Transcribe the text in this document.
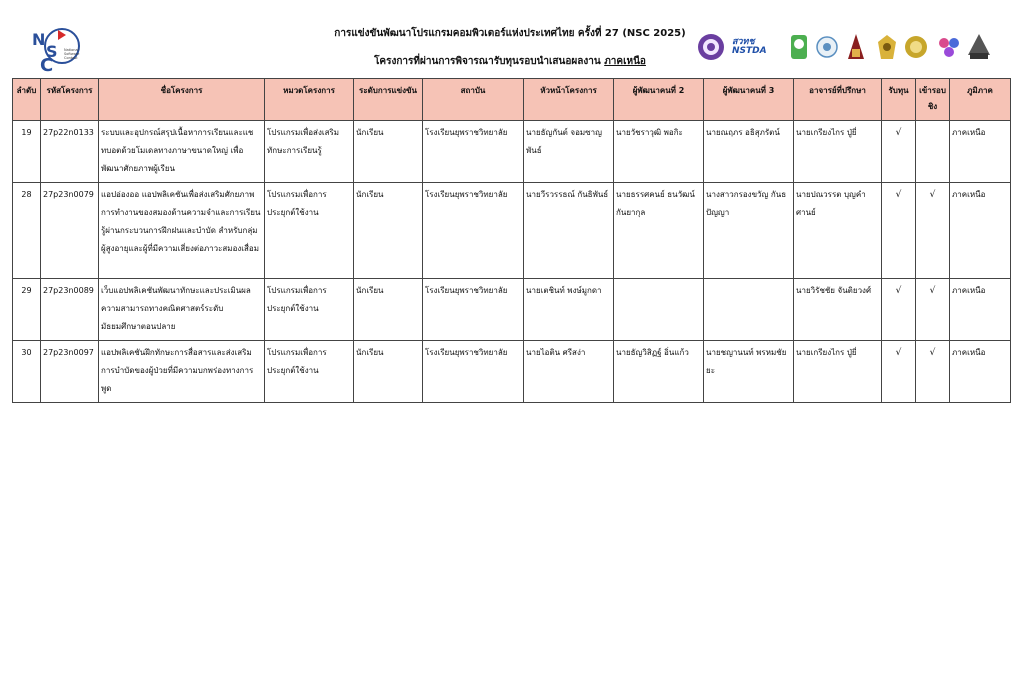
N
S
C
National Software Contest
การแข่งขันพัฒนาโปรแกรมคอมพิวเตอร์แห่งประเทศไทย ครั้งที่ 27 (NSC 2025)
โครงการที่ผ่านการพิจารณารับทุนรอบนำเสนอผลงาน ภาคเหนือ
สวทช NSTDA
ลำดับ	รหัสโครงการ	ชื่อโครงการ	หมวดโครงการ	ระดับการแข่งขัน	สถาบัน	หัวหน้าโครงการ	ผู้พัฒนาคนที่ 2	ผู้พัฒนาคนที่ 3	อาจารย์ที่ปรึกษา	รับทุน	เข้ารอบชิง	ภูมิภาค
19	27p22n0133	ระบบและอุปกรณ์สรุปเนื้อหาการเรียนและแชทบอตด้วยโมเดลทางภาษาขนาดใหญ่ เพื่อพัฒนาศักยภาพผู้เรียน	โปรแกรมเพื่อส่งเสริมทักษะการเรียนรู้	นักเรียน	โรงเรียนยุพราชวิทยาลัย	นายธัญกันต์ จอมซาญพันธ์	นายวัชราวุฒิ พอกิะ	นายณฤภร อธิสุภรัตน์	นายเกรียงไกร ปู่ยี่	√		ภาคเหนือ
28	27p23n0079	แอปอ่องออ แอปพลิเคชันเพื่อส่งเสริมศักยภาพการทำงานของสมองด้านความจำและการเรียนรู้ผ่านกระบวนการฝึกฝนและบำบัด สำหรับกลุ่มผู้สูงอายุและผู้ที่มีความเสี่ยงต่อภาวะสมองเสื่อม	โปรแกรมเพื่อการประยุกต์ใช้งาน	นักเรียน	โรงเรียนยุพราชวิทยาลัย	นายวีรวรรธณ์ กันธิพันธ์	นายธรรศคนย์ ธนวัฒน์กันยากุล	นางสาวกรองขวัญ กันธปัญญา	นายปณวรรต บุญคำศานย์	√	√	ภาคเหนือ
29	27p23n0089	เว็บแอปพลิเคชันพัฒนาทักษะและประเมินผลความสามารถทางคณิตศาสตร์ระดับมัธยมศึกษาตอนปลาย	โปรแกรมเพื่อการประยุกต์ใช้งาน	นักเรียน	โรงเรียนยุพราชวิทยาลัย	นายเตชินท์ พงษ์มูกดา			นายวิรัชชัย จันติยวงศ์	√	√	ภาคเหนือ
30	27p23n0097	แอปพลิเคชันฝึกทักษะการสื่อสารและส่งเสริมการบำบัดของผู้ป่วยที่มีความบกพร่องทางการพูด	โปรแกรมเพื่อการประยุกต์ใช้งาน	นักเรียน	โรงเรียนยุพราชวิทยาลัย	นายไอติน ศรีสง่า	นายธัญวิสิฏฐ์ อิ่นแก้ว	นายชญานนท์ พรหมชัยยะ	นายเกรียงไกร ปู่ยี่	√	√	ภาคเหนือ
